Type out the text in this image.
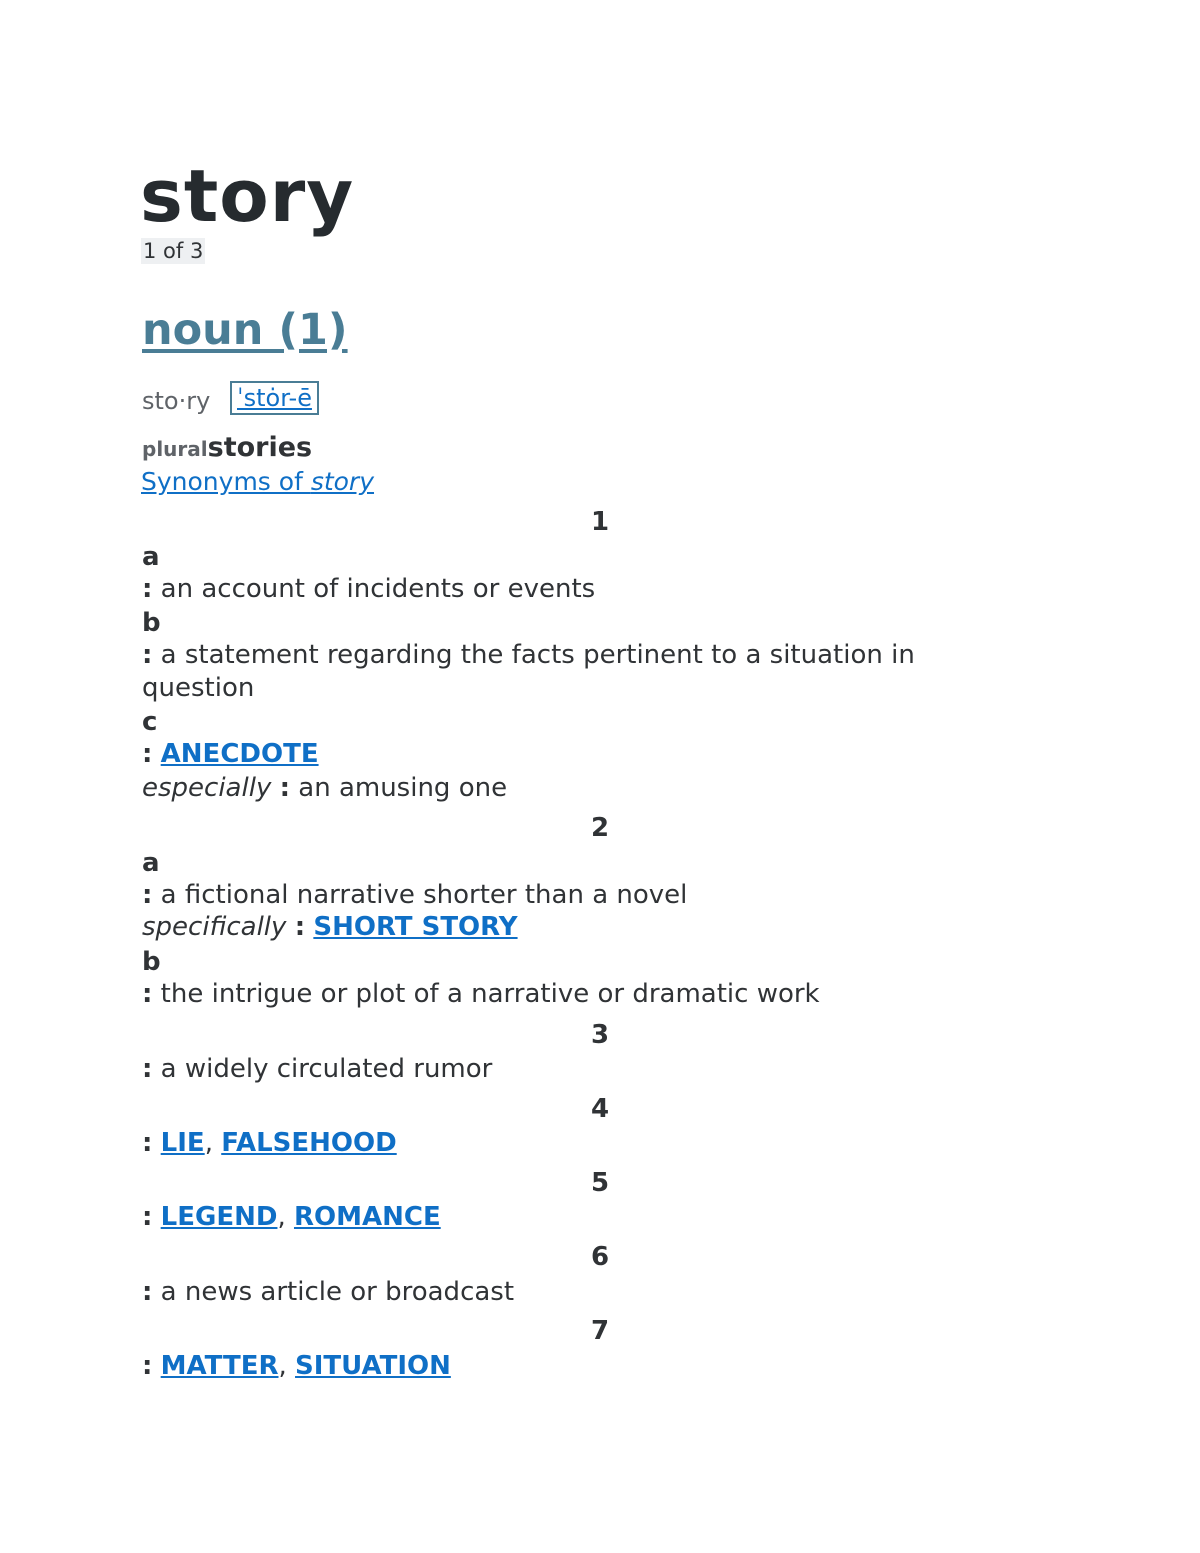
story
1 of 3
noun (1)
sto·ry ˈstȯr-ē
pluralstories
Synonyms of story
1
a
: an account of incidents or events
b
: a statement regarding the facts pertinent to a situation in question
c
: ANECDOTE
especially : an amusing one
2
a
: a fictional narrative shorter than a novel
specifically : SHORT STORY
b
: the intrigue or plot of a narrative or dramatic work
3
: a widely circulated rumor
4
: LIE, FALSEHOOD
5
: LEGEND, ROMANCE
6
: a news article or broadcast
7
: MATTER, SITUATION
